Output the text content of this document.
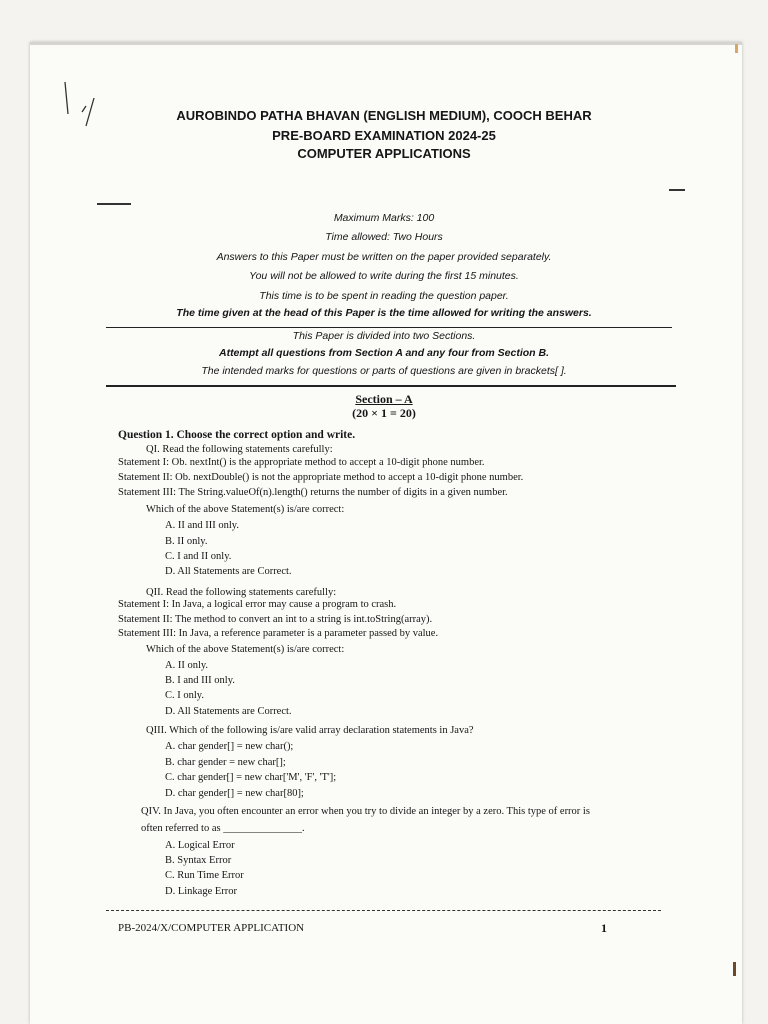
AUROBINDO PATHA BHAVAN (ENGLISH MEDIUM), COOCH BEHAR
PRE-BOARD EXAMINATION 2024-25
COMPUTER APPLICATIONS
Maximum Marks: 100
Time allowed: Two Hours
Answers to this Paper must be written on the paper provided separately.
You will not be allowed to write during the first 15 minutes.
This time is to be spent in reading the question paper.
The time given at the head of this Paper is the time allowed for writing the answers.
This Paper is divided into two Sections.
Attempt all questions from Section A and any four from Section B.
The intended marks for questions or parts of questions are given in brackets[ ].
Section – A
(20 × 1 = 20)
Question 1. Choose the correct option and write.
QI. Read the following statements carefully:
Statement I: Ob. nextInt() is the appropriate method to accept a 10-digit phone number.
Statement II: Ob. nextDouble() is not the appropriate method to accept a 10-digit phone number.
Statement III: The String.valueOf(n).length() returns the number of digits in a given number.
Which of the above Statement(s) is/are correct:
A. II and III only.
B. II only.
C. I and II only.
D. All Statements are Correct.
QII. Read the following statements carefully:
Statement I: In Java, a logical error may cause a program to crash.
Statement II: The method to convert an int to a string is int.toString(array).
Statement III: In Java, a reference parameter is a parameter passed by value.
Which of the above Statement(s) is/are correct:
A. II only.
B. I and III only.
C. I only.
D. All Statements are Correct.
QIII. Which of the following is/are valid array declaration statements in Java?
A. char gender[] = new char();
B. char gender = new char[];
C. char gender[] = new char['M', 'F', 'T'];
D. char gender[] = new char[80];
QIV. In Java, you often encounter an error when you try to divide an integer by a zero. This type of error is
often referred to as _______________.
A. Logical Error
B. Syntax Error
C. Run Time Error
D. Linkage Error
PB-2024/X/COMPUTER APPLICATION	1
